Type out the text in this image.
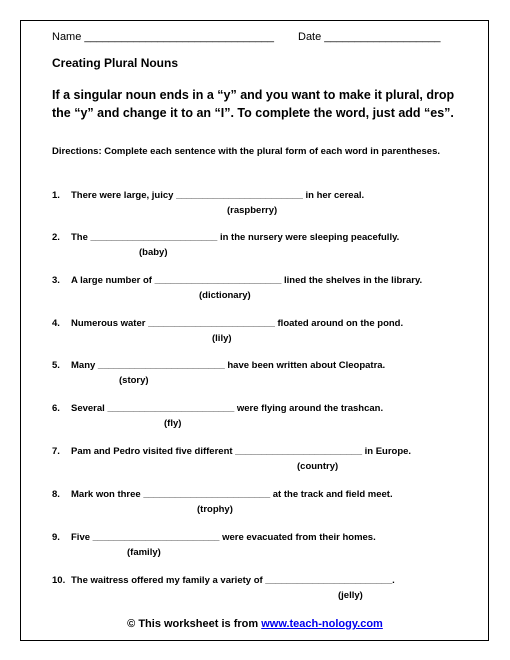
Name _______________________________ Date ___________________
Creating Plural Nouns
If a singular noun ends in a “y” and you want to make it plural, drop the “y” and change it to an “I”. To complete the word, just add “es”.
Directions: Complete each sentence with the plural form of each word in parentheses.
1. There were large, juicy ________________________ in her cereal.
(raspberry)
2. The ________________________ in the nursery were sleeping peacefully.
(baby)
3. A large number of ________________________ lined the shelves in the library.
(dictionary)
4. Numerous water ________________________ floated around on the pond.
(lily)
5. Many ________________________ have been written about Cleopatra.
(story)
6. Several ________________________ were flying around the trashcan.
(fly)
7. Pam and Pedro visited five different ________________________ in Europe.
(country)
8. Mark won three ________________________ at the track and field meet.
(trophy)
9. Five ________________________ were evacuated from their homes.
(family)
10. The waitress offered my family a variety of ________________________.
(jelly)
© This worksheet is from www.teach-nology.com
